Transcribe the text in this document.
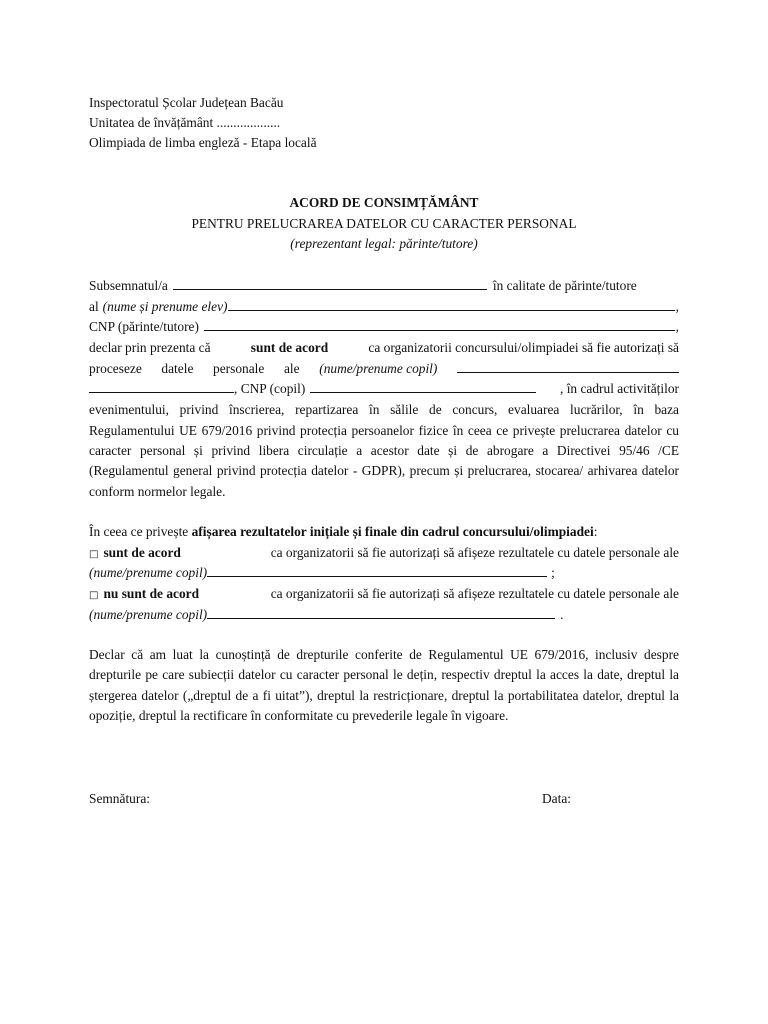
Inspectoratul Școlar Județean Bacău
Unitatea de învățământ ...................
Olimpiada de limba engleză - Etapa locală
ACORD DE CONSIMȚĂMÂNT
PENTRU PRELUCRAREA DATELOR CU CARACTER PERSONAL
(reprezentant legal: părinte/tutore)
Subsemnatul/a	în calitate de părinte/tutore
al (nume și prenume elev)	,
CNP (părinte/tutore)	,
declar prin prezenta că	sunt de acord	ca organizatorii concursului/olimpiadei să fie autorizați să
proceseze datele personale ale (nume/prenume copil)
, CNP (copil)	, în cadrul activităților
evenimentului, privind înscrierea, repartizarea în sălile de concurs, evaluarea lucrărilor, în baza Regulamentului UE 679/2016 privind protecția persoanelor fizice în ceea ce privește prelucrarea datelor cu caracter personal și privind libera circulație a acestor date și de abrogare a Directivei 95/46 /CE (Regulamentul general privind protecția datelor - GDPR), precum și prelucrarea, stocarea/ arhivarea datelor conform normelor legale.
În ceea ce privește afișarea rezultatelor inițiale și finale din cadrul concursului/olimpiadei:
□ sunt de acord	ca organizatorii să fie autorizați să afișeze rezultatele cu datele personale ale
(nume/prenume copil)	;
□ nu sunt de acord	ca organizatorii să fie autorizați să afișeze rezultatele cu datele personale ale
(nume/prenume copil)	.
Declar că am luat la cunoștință de drepturile conferite de Regulamentul UE 679/2016, inclusiv despre drepturile pe care subiecții datelor cu caracter personal le dețin, respectiv dreptul la acces la date, dreptul la ștergerea datelor („dreptul de a fi uitat”), dreptul la restricționare, dreptul la portabilitatea datelor, dreptul la opoziție, dreptul la rectificare în conformitate cu prevederile legale în vigoare.
Semnătura:	Data:
